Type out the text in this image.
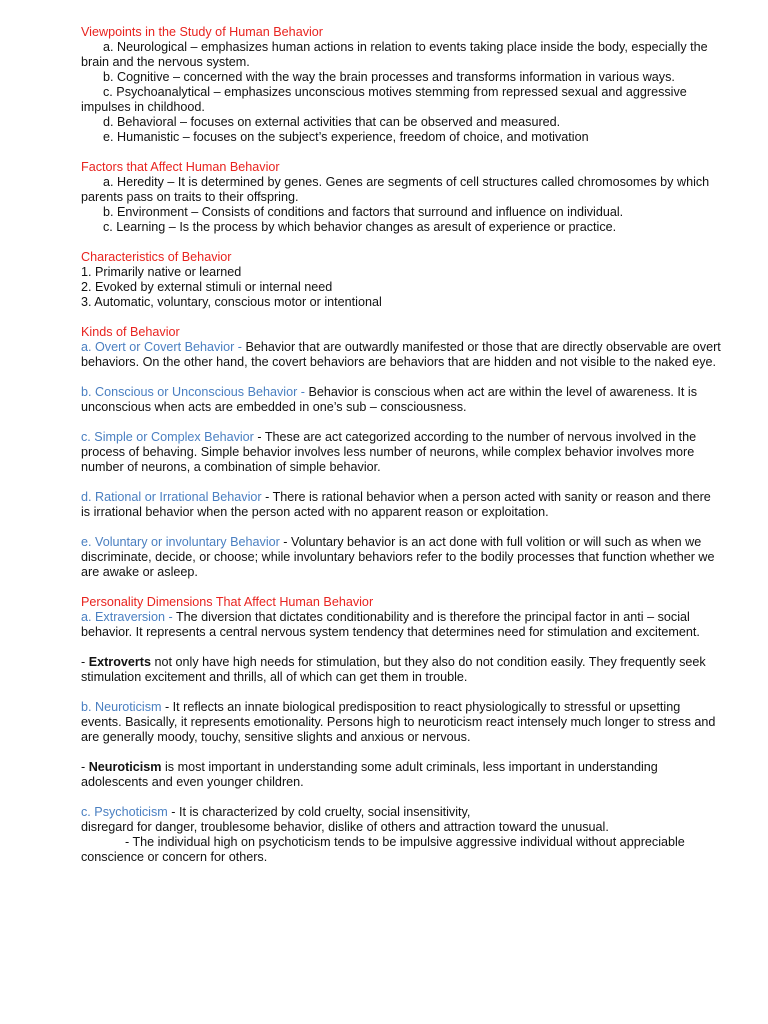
Viewpoints in the Study of Human Behavior

a. Neurological – emphasizes human actions in relation to events taking place inside the body, especially the brain and the nervous system.

b. Cognitive – concerned with the way the brain processes and transforms information in various ways.

c. Psychoanalytical – emphasizes unconscious motives stemming from repressed sexual and aggressive impulses in childhood.

d. Behavioral – focuses on external activities that can be observed and measured.

e. Humanistic – focuses on the subject’s experience, freedom of choice, and motivation

Factors that Affect Human Behavior

a. Heredity – It is determined by genes. Genes are segments of cell structures called chromosomes by which parents pass on traits to their offspring.

b. Environment – Consists of conditions and factors that surround and influence on individual.

c. Learning – Is the process by which behavior changes as aresult of experience or practice.

Characteristics of Behavior

1. Primarily native or learned

2. Evoked by external stimuli or internal need

3. Automatic, voluntary, conscious motor or intentional

Kinds of Behavior

a. Overt or Covert Behavior - Behavior that are outwardly manifested or those that are directly observable are overt behaviors. On the other hand, the covert behaviors are behaviors that are hidden and not visible to the naked eye.

b. Conscious or Unconscious Behavior - Behavior is conscious when act are within the level of awareness. It is unconscious when acts are embedded in one’s sub – consciousness.

c. Simple or Complex Behavior - These are act categorized according to the number of nervous involved in the process of behaving. Simple behavior involves less number of neurons, while complex behavior involves more number of neurons, a combination of simple behavior.

d. Rational or Irrational Behavior - There is rational behavior when a person acted with sanity or reason and there is irrational behavior when the person acted with no apparent reason or exploitation.

e. Voluntary or involuntary Behavior - Voluntary behavior is an act done with full volition or will such as when we discriminate, decide, or choose; while involuntary behaviors refer to the bodily processes that function whether we are awake or asleep.

Personality Dimensions That Affect Human Behavior

a. Extraversion - The diversion that dictates conditionability and is therefore the principal factor in anti – social behavior. It represents a central nervous system tendency that determines need for stimulation and excitement.

- Extroverts not only have high needs for stimulation, but they also do not condition easily. They frequently seek stimulation excitement and thrills, all of which can get them in trouble.

b. Neuroticism - It reflects an innate biological predisposition to react physiologically to stressful or upsetting events. Basically, it represents emotionality. Persons high to neuroticism react intensely much longer to stress and are generally moody, touchy, sensitive slights and anxious or nervous.

- Neuroticism is most important in understanding some adult criminals, less important in understanding adolescents and even younger children.

c. Psychoticism - It is characterized by cold cruelty, social insensitivity,

disregard for danger, troublesome behavior, dislike of others and attraction toward the unusual.

- The individual high on psychoticism tends to be impulsive aggressive individual without appreciable conscience or concern for others.
